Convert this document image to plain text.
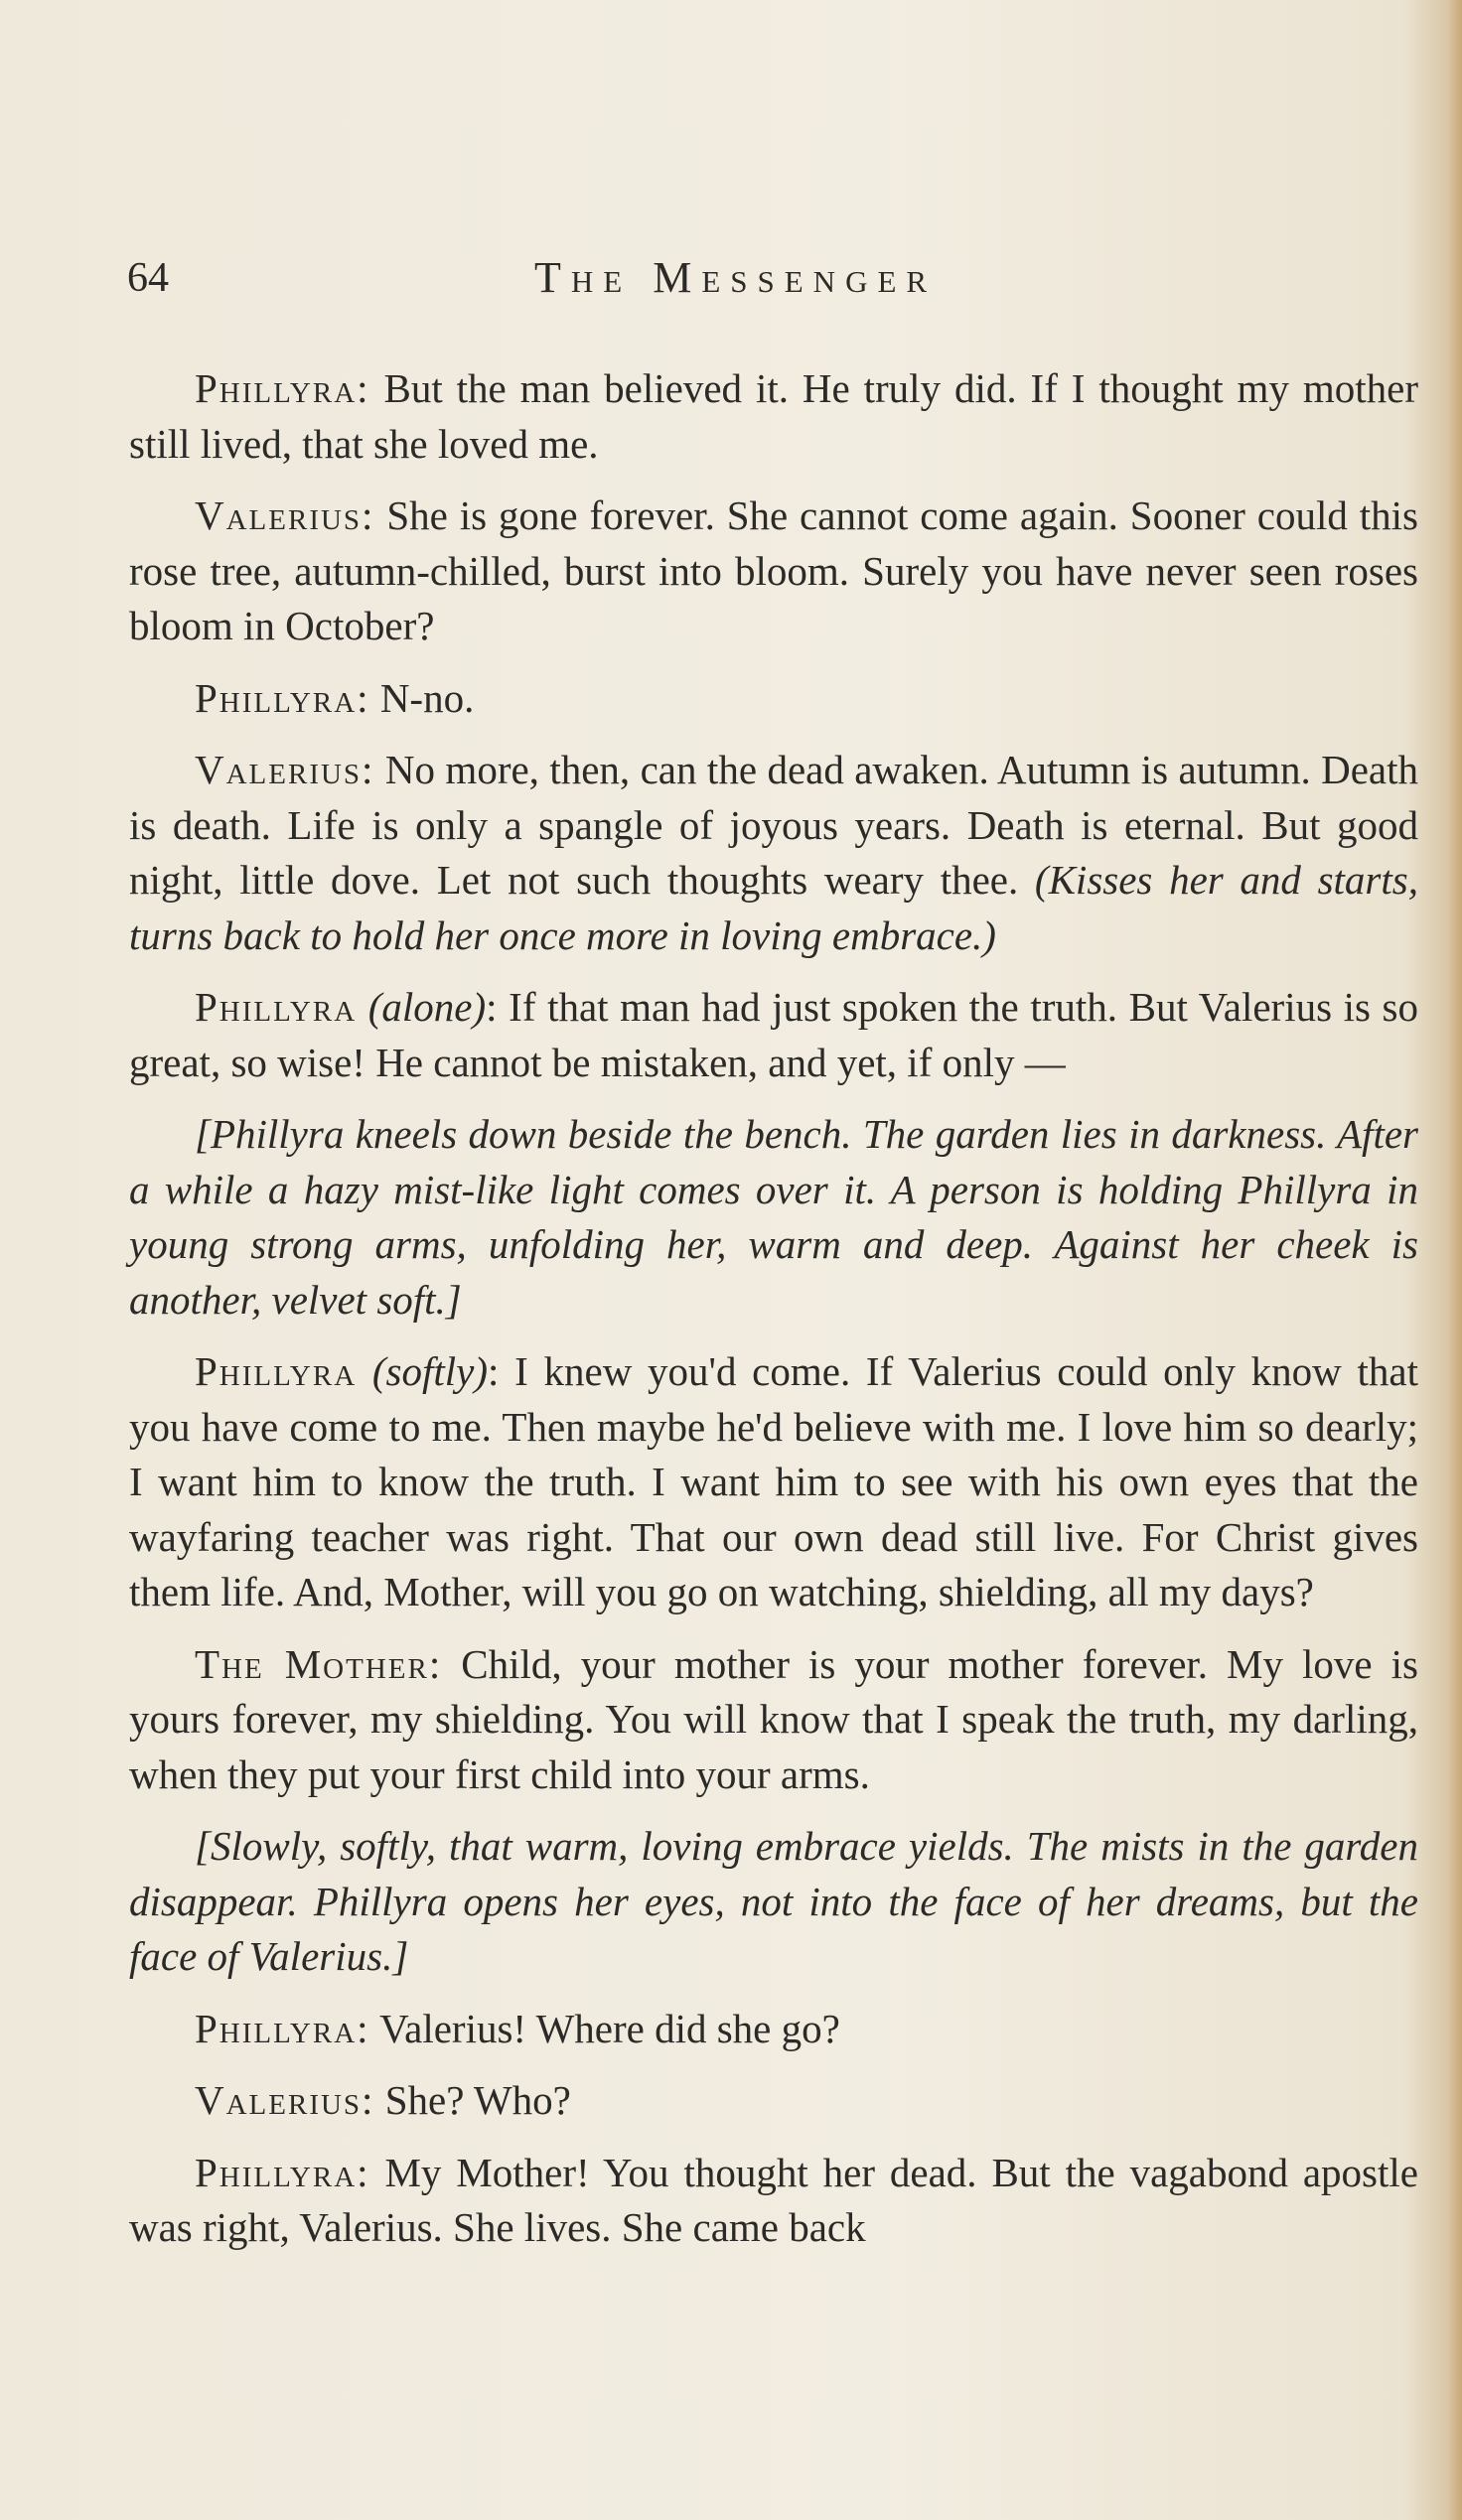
64	The Messenger

Phillyra: But the man believed it. He truly did. If I thought my mother still lived, that she loved me.

Valerius: She is gone forever. She cannot come again. Sooner could this rose tree, autumn-chilled, burst into bloom. Surely you have never seen roses bloom in October?

Phillyra: N-no.

Valerius: No more, then, can the dead awaken. Autumn is autumn. Death is death. Life is only a spangle of joyous years. Death is eternal. But good night, little dove. Let not such thoughts weary thee. (Kisses her and starts, turns back to hold her once more in loving embrace.)

Phillyra (alone): If that man had just spoken the truth. But Valerius is so great, so wise! He cannot be mistaken, and yet, if only —

[Phillyra kneels down beside the bench. The garden lies in darkness. After a while a hazy mist-like light comes over it. A person is holding Phillyra in young strong arms, unfolding her, warm and deep. Against her cheek is another, velvet soft.]

Phillyra (softly): I knew you'd come. If Valerius could only know that you have come to me. Then maybe he'd believe with me. I love him so dearly; I want him to know the truth. I want him to see with his own eyes that the wayfaring teacher was right. That our own dead still live. For Christ gives them life. And, Mother, will you go on watching, shielding, all my days?

The Mother: Child, your mother is your mother forever. My love is yours forever, my shielding. You will know that I speak the truth, my darling, when they put your first child into your arms.

[Slowly, softly, that warm, loving embrace yields. The mists in the garden disappear. Phillyra opens her eyes, not into the face of her dreams, but the face of Valerius.]

Phillyra: Valerius! Where did she go?

Valerius: She? Who?

Phillyra: My Mother! You thought her dead. But the vagabond apostle was right, Valerius. She lives. She came back
